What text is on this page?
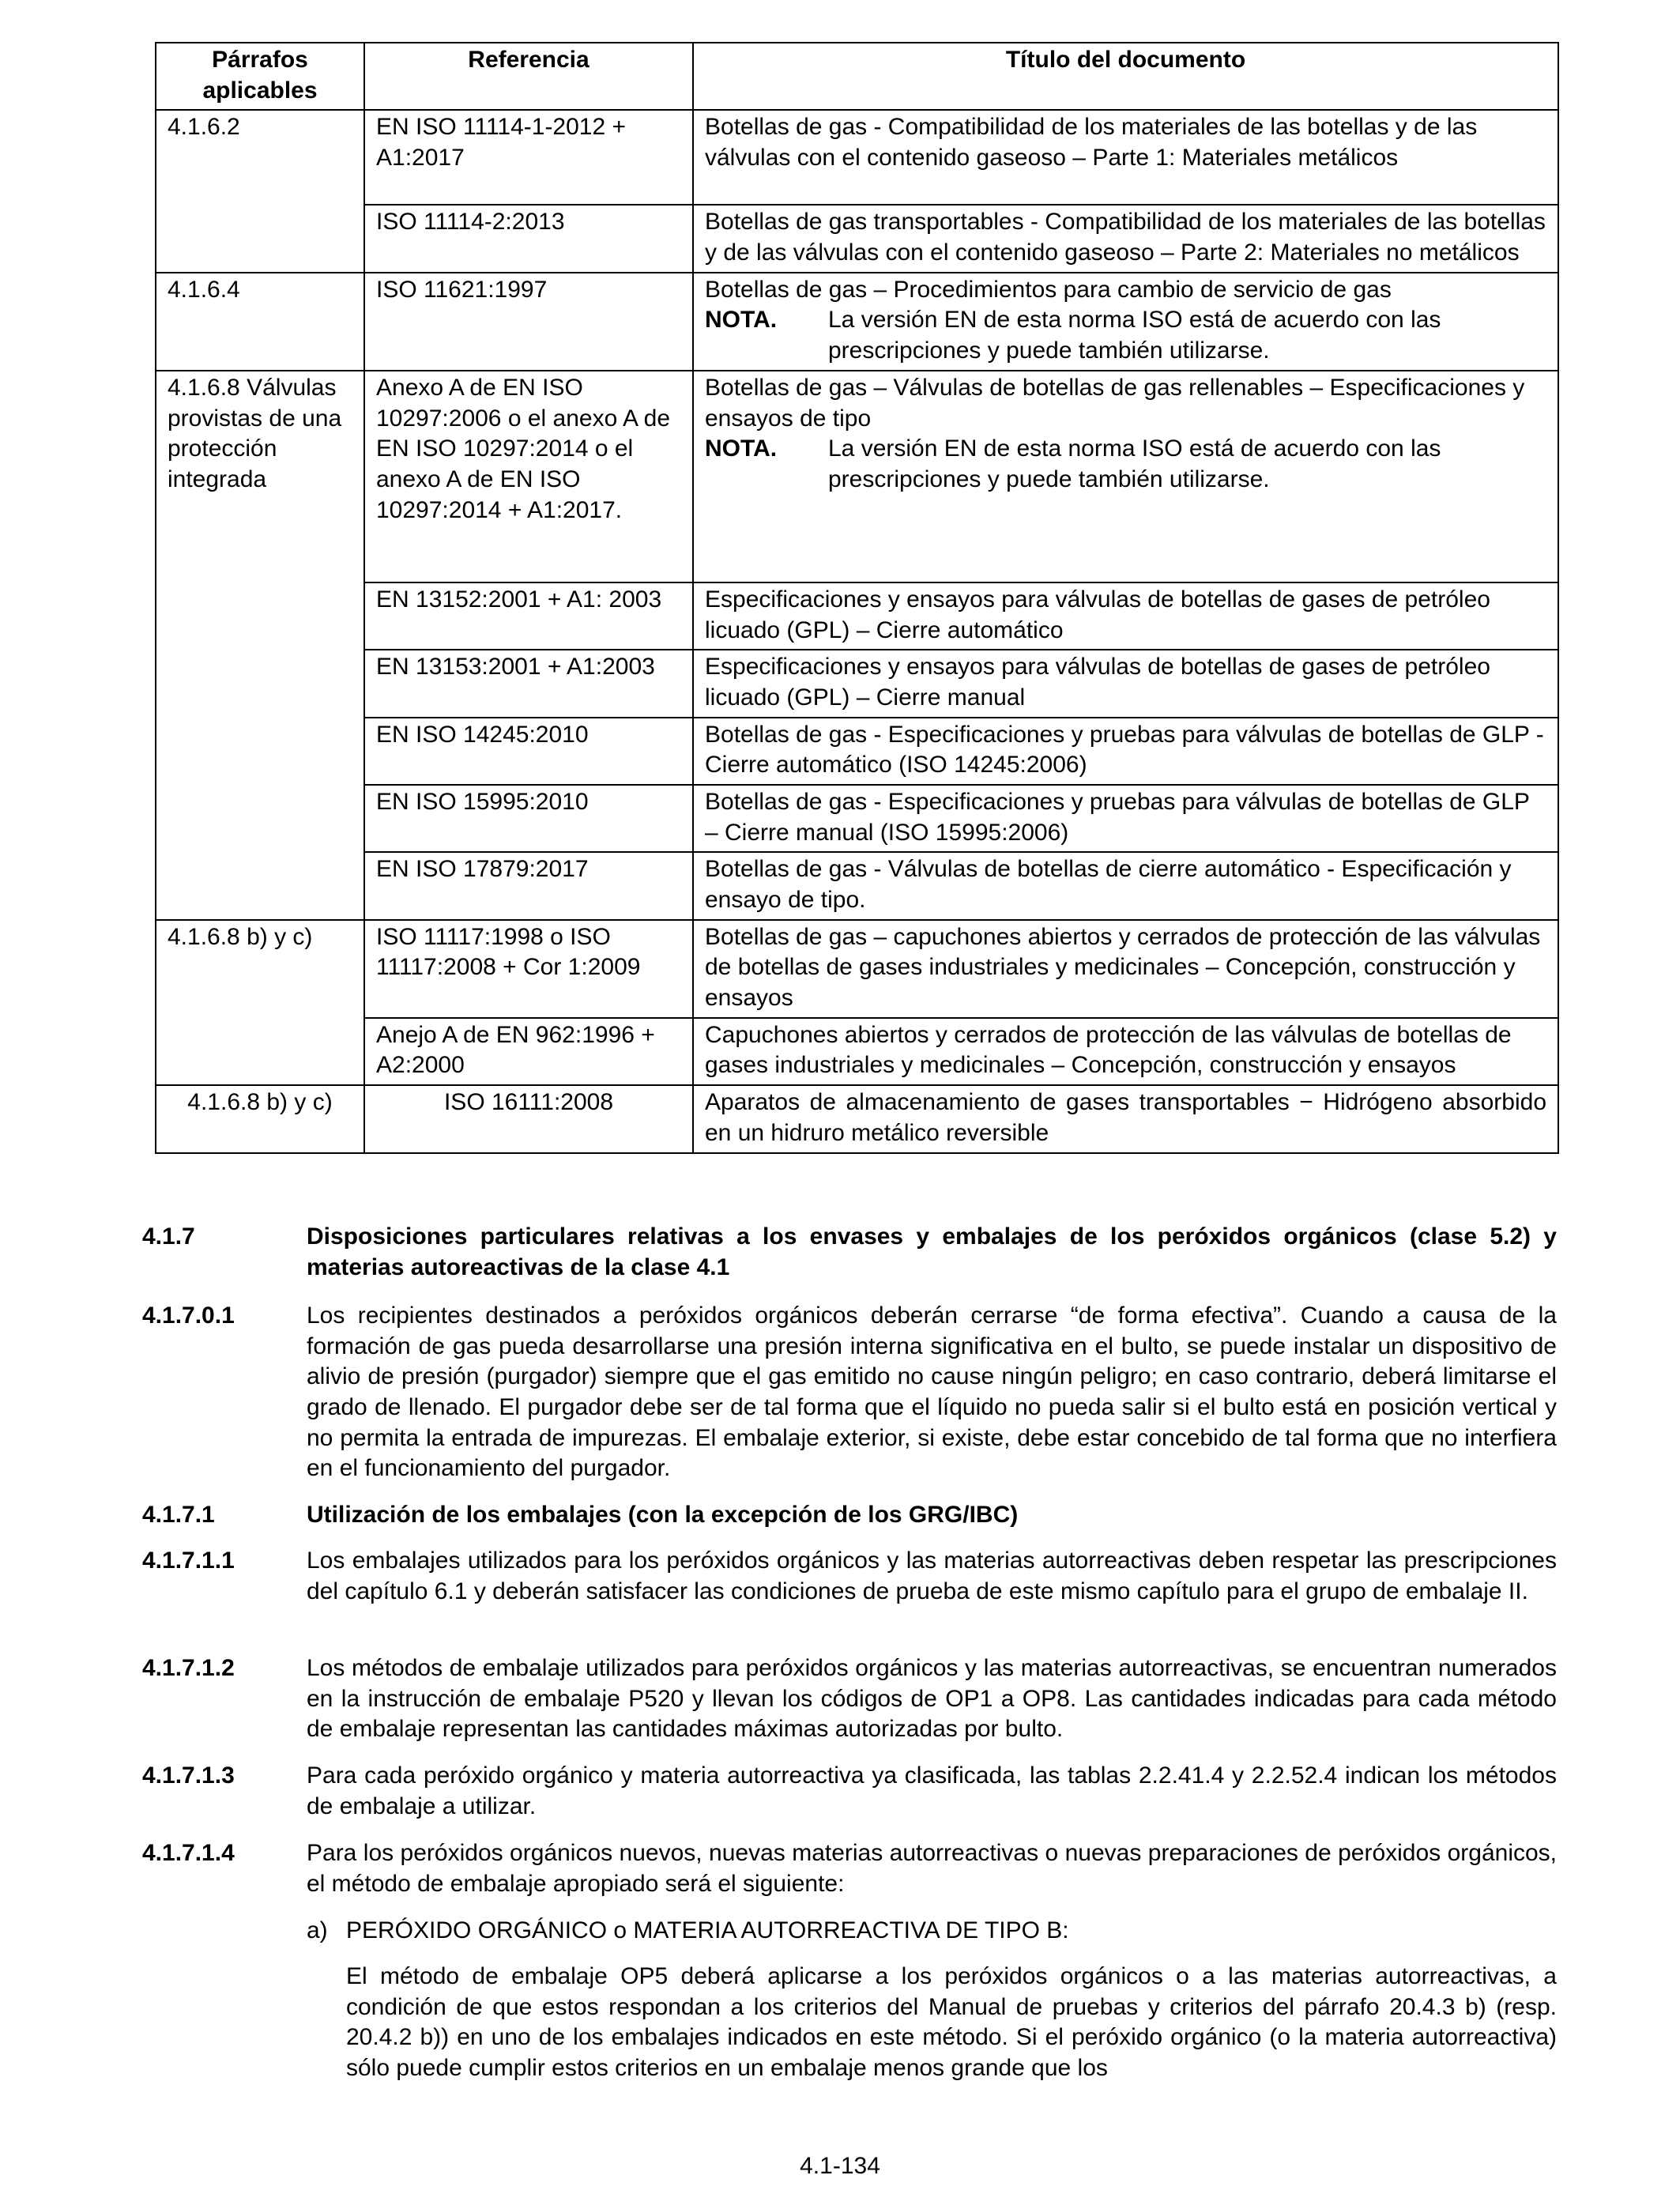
Párrafos aplicables	Referencia	Título del documento
4.1.6.2	EN ISO 11114-1-2012 + A1:2017	Botellas de gas - Compatibilidad de los materiales de las botellas y de las válvulas con el contenido gaseoso – Parte 1: Materiales metálicos
	ISO 11114-2:2013	Botellas de gas transportables - Compatibilidad de los materiales de las botellas y de las válvulas con el contenido gaseoso – Parte 2: Materiales no metálicos
4.1.6.4	ISO 11621:1997	Botellas de gas – Procedimientos para cambio de servicio de gas
NOTA. La versión EN de esta norma ISO está de acuerdo con las prescripciones y puede también utilizarse.

4.1.6.8 Válvulas provistas de una protección integrada	Anexo A de EN ISO 10297:2006 o el anexo A de EN ISO 10297:2014 o el anexo A de EN ISO 10297:2014 + A1:2017.	Botellas de gas – Válvulas de botellas de gas rellenables – Especificaciones y ensayos de tipo
NOTA. La versión EN de esta norma ISO está de acuerdo con las prescripciones y puede también utilizarse.

	EN 13152:2001 + A1: 2003	Especificaciones y ensayos para válvulas de botellas de gases de petróleo licuado (GPL) – Cierre automático
	EN 13153:2001 + A1:2003	Especificaciones y ensayos para válvulas de botellas de gases de petróleo licuado (GPL) – Cierre manual
	EN ISO 14245:2010	Botellas de gas - Especificaciones y pruebas para válvulas de botellas de GLP - Cierre automático (ISO 14245:2006)
	EN ISO 15995:2010	Botellas de gas - Especificaciones y pruebas para válvulas de botellas de GLP – Cierre manual (ISO 15995:2006)
	EN ISO 17879:2017	Botellas de gas - Válvulas de botellas de cierre automático - Especificación y ensayo de tipo.
4.1.6.8 b) y c)	ISO 11117:1998 o ISO 11117:2008 + Cor 1:2009	Botellas de gas – capuchones abiertos y cerrados de protección de las válvulas de botellas de gases industriales y medicinales – Concepción, construcción y ensayos
	Anejo A de EN 962:1996 + A2:2000	Capuchones abiertos y cerrados de protección de las válvulas de botellas de gases industriales y medicinales – Concepción, construcción y ensayos
4.1.6.8 b) y c)	ISO 16111:2008	Aparatos de almacenamiento de gases transportables − Hidrógeno absorbido en un hidruro metálico reversible
4.1.7	Disposiciones particulares relativas a los envases y embalajes de los peróxidos orgánicos (clase 5.2) y materias autoreactivas de la clase 4.1
4.1.7.0.1	Los recipientes destinados a peróxidos orgánicos deberán cerrarse “de forma efectiva”. Cuando a causa de la formación de gas pueda desarrollarse una presión interna significativa en el bulto, se puede instalar un dispositivo de alivio de presión (purgador) siempre que el gas emitido no cause ningún peligro; en caso contrario, deberá limitarse el grado de llenado. El purgador debe ser de tal forma que el líquido no pueda salir si el bulto está en posición vertical y no permita la entrada de impurezas. El embalaje exterior, si existe, debe estar concebido de tal forma que no interfiera en el funcionamiento del purgador.
4.1.7.1	Utilización de los embalajes (con la excepción de los GRG/IBC)
4.1.7.1.1	Los embalajes utilizados para los peróxidos orgánicos y las materias autorreactivas deben respetar las prescripciones del capítulo 6.1 y deberán satisfacer las condiciones de prueba de este mismo capítulo para el grupo de embalaje II.
4.1.7.1.2	Los métodos de embalaje utilizados para peróxidos orgánicos y las materias autorreactivas, se encuentran numerados en la instrucción de embalaje P520 y llevan los códigos de OP1 a OP8. Las cantidades indicadas para cada método de embalaje representan las cantidades máximas autorizadas por bulto.
4.1.7.1.3	Para cada peróxido orgánico y materia autorreactiva ya clasificada, las tablas 2.2.41.4 y 2.2.52.4 indican los métodos de embalaje a utilizar.
4.1.7.1.4	Para los peróxidos orgánicos nuevos, nuevas materias autorreactivas o nuevas preparaciones de peróxidos orgánicos, el método de embalaje apropiado será el siguiente:
a) PERÓXIDO ORGÁNICO o MATERIA AUTORREACTIVA DE TIPO B:
El método de embalaje OP5 deberá aplicarse a los peróxidos orgánicos o a las materias autorreactivas, a condición de que estos respondan a los criterios del Manual de pruebas y criterios del párrafo 20.4.3 b) (resp. 20.4.2 b)) en uno de los embalajes indicados en este método. Si el peróxido orgánico (o la materia autorreactiva) sólo puede cumplir estos criterios en un embalaje menos grande que los
4.1-134
